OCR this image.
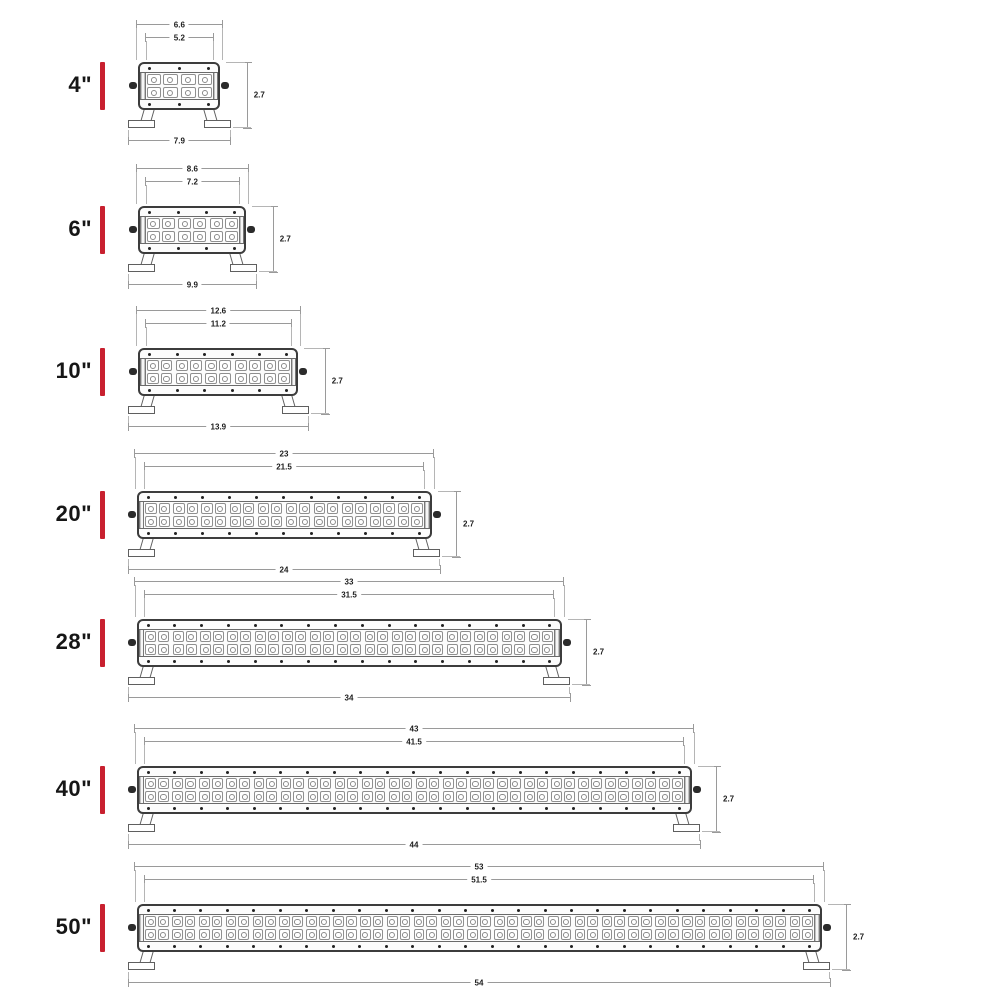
6.6
5.2
7.9
2.7
4"
8.6
7.2
9.9
2.7
6"
12.6
11.2
13.9
2.7
10"
23
21.5
24
2.7
20"
33
31.5
34
2.7
28"
43
41.5
44
2.7
40"
53
51.5
54
2.7
50"
